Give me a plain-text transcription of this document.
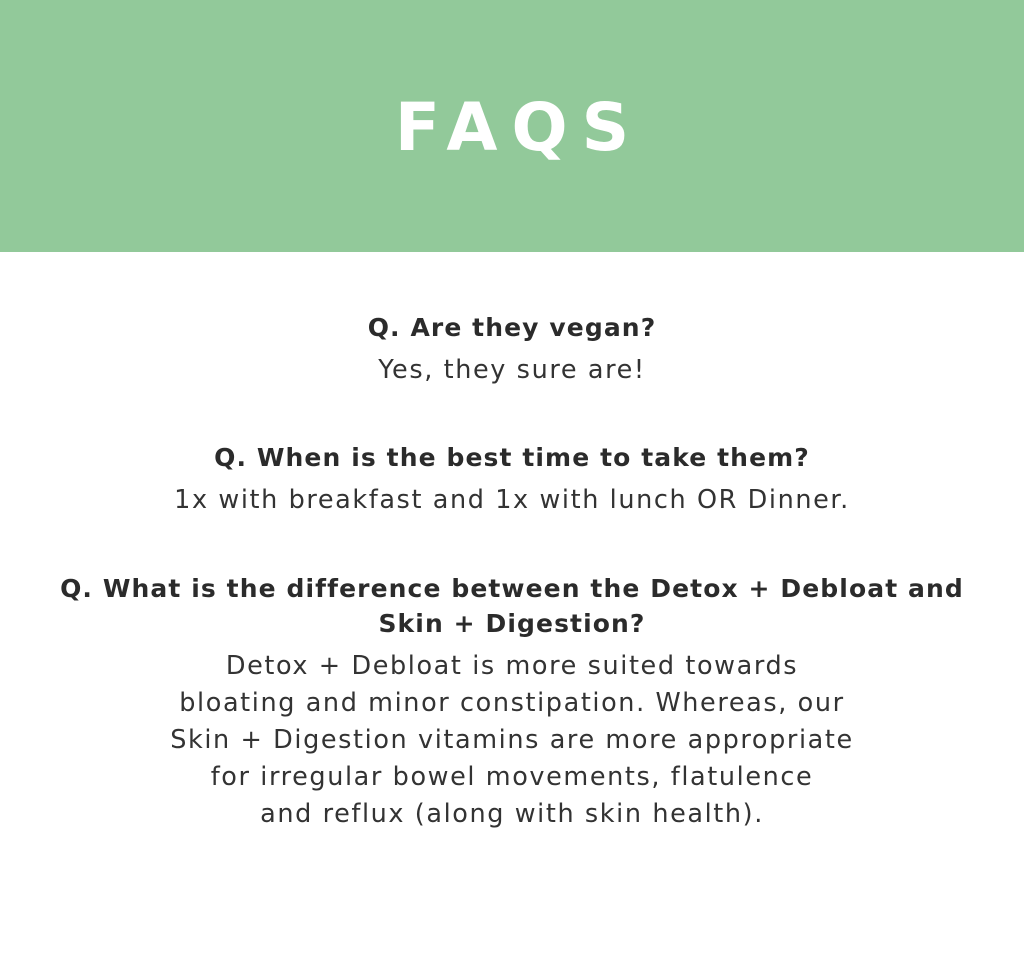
FAQS

Q. Are they vegan?

Yes, they sure are!

Q. When is the best time to take them?

1x with breakfast and 1x with lunch OR Dinner.

Q. What is the difference between the Detox + Debloat and Skin + Digestion?

Detox + Debloat is more suited towards
bloating and minor constipation. Whereas, our
Skin + Digestion vitamins are more appropriate
for irregular bowel movements, flatulence
and reflux (along with skin health).
